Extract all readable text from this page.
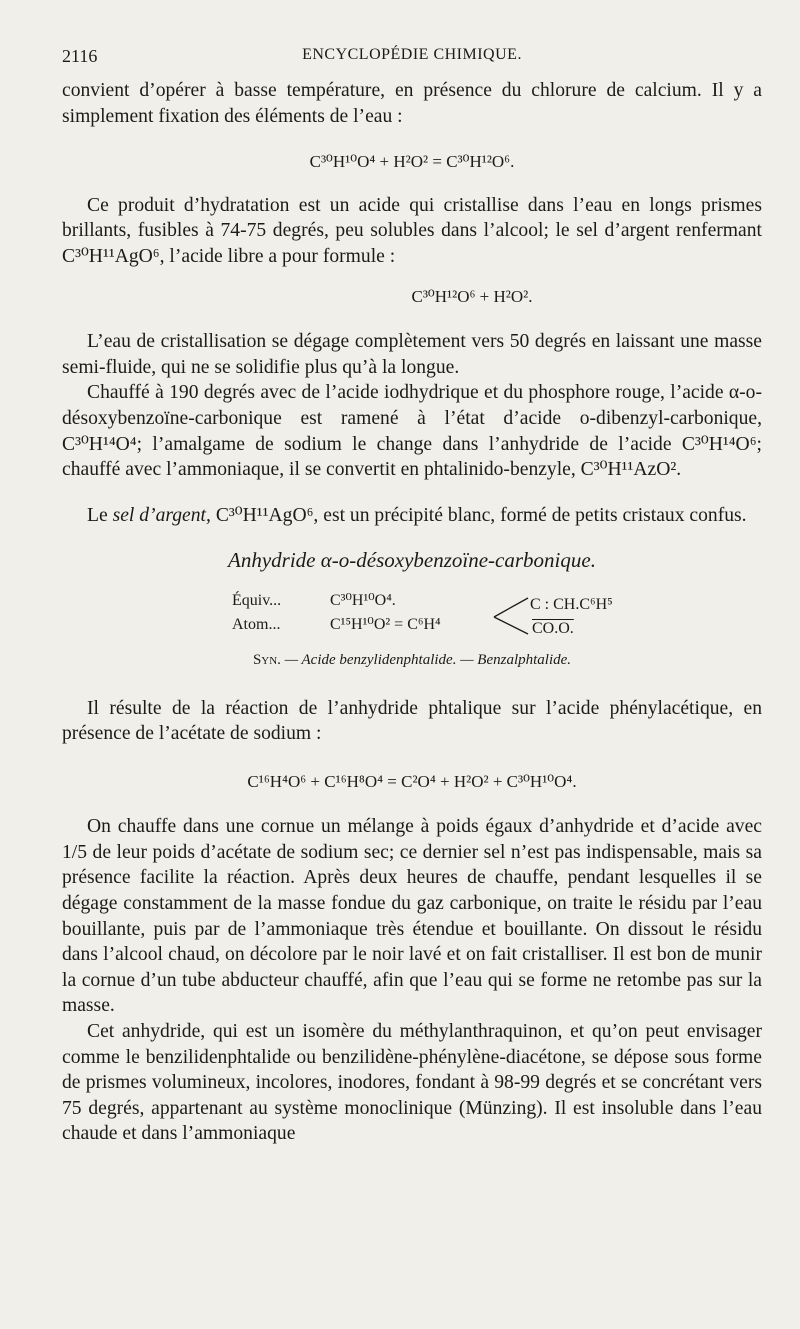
2116	ENCYCLOPÉDIE CHIMIQUE.

convient d’opérer à basse température, en présence du chlorure de calcium. Il y a simplement fixation des éléments de l’eau :

C³⁰H¹⁰O⁴ + H²O² = C³⁰H¹²O⁶.

Ce produit d’hydratation est un acide qui cristallise dans l’eau en longs prismes brillants, fusibles à 74-75 degrés, peu solubles dans l’alcool; le sel d’argent renfermant C³⁰H¹¹AgO⁶, l’acide libre a pour formule :

C³⁰H¹²O⁶ + H²O².

L’eau de cristallisation se dégage complètement vers 50 degrés en laissant une masse semi-fluide, qui ne se solidifie plus qu’à la longue.

Chauffé à 190 degrés avec de l’acide iodhydrique et du phosphore rouge, l’acide α-o-désoxybenzoïne-carbonique est ramené à l’état d’acide o-dibenzyl-carbonique, C³⁰H¹⁴O⁴; l’amalgame de sodium le change dans l’anhydride de l’acide C³⁰H¹⁴O⁶; chauffé avec l’ammoniaque, il se convertit en phtalinido-benzyle, C³⁰H¹¹AzO².

Le sel d’argent, C³⁰H¹¹AgO⁶, est un précipité blanc, formé de petits cristaux confus.

Anhydride α-o-désoxybenzoïne-carbonique.
Équiv...	C³⁰H¹⁰O⁴.
Atom...	C¹⁵H¹⁰O² = C⁶H⁴
C : CH.C⁶H⁵
CO.O.
Syn. — Acide benzylidenphtalide. — Benzalphtalide.

Il résulte de la réaction de l’anhydride phtalique sur l’acide phénylacétique, en présence de l’acétate de sodium :

C¹⁶H⁴O⁶ + C¹⁶H⁸O⁴ = C²O⁴ + H²O² + C³⁰H¹⁰O⁴.

On chauffe dans une cornue un mélange à poids égaux d’anhydride et d’acide avec 1/5 de leur poids d’acétate de sodium sec; ce dernier sel n’est pas indispensable, mais sa présence facilite la réaction. Après deux heures de chauffe, pendant lesquelles il se dégage constamment de la masse fondue du gaz carbonique, on traite le résidu par l’eau bouillante, puis par de l’ammoniaque très étendue et bouillante. On dissout le résidu dans l’alcool chaud, on décolore par le noir lavé et on fait cristalliser. Il est bon de munir la cornue d’un tube abducteur chauffé, afin que l’eau qui se forme ne retombe pas sur la masse.

Cet anhydride, qui est un isomère du méthylanthraquinon, et qu’on peut envisager comme le benzilidenphtalide ou benzilidène-phénylène-diacétone, se dépose sous forme de prismes volumineux, incolores, inodores, fondant à 98-99 degrés et se concrétant vers 75 degrés, appartenant au système monoclinique (Münzing). Il est insoluble dans l’eau chaude et dans l’ammoniaque
